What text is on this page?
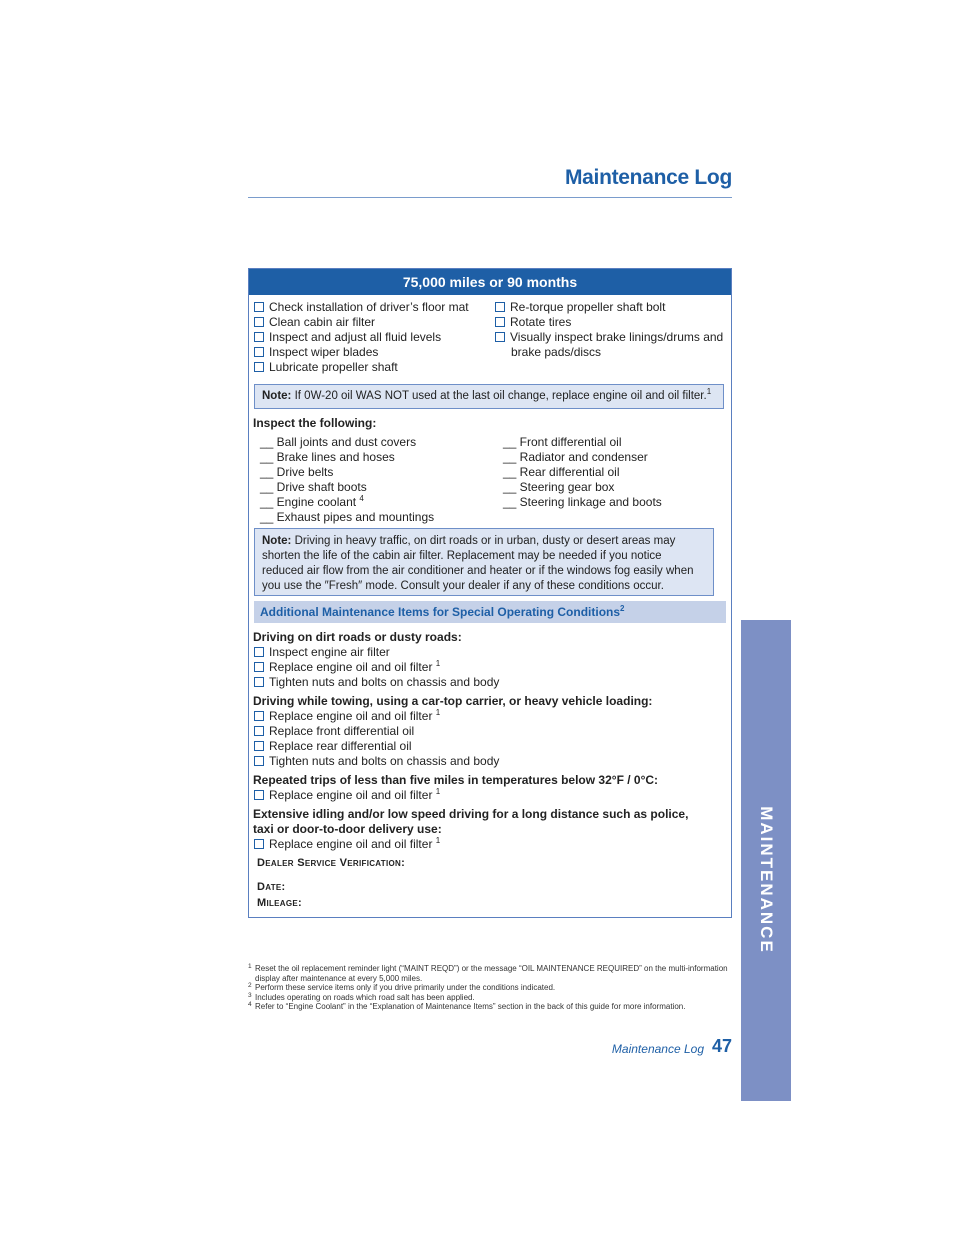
Maintenance Log
75,000 miles or 90 months
Check installation of driver’s floor mat
Clean cabin air filter
Inspect and adjust all fluid levels
Inspect wiper blades
Lubricate propeller shaft
Re-torque propeller shaft bolt
Rotate tires
Visually inspect brake linings/drums and brake pads/discs
Note: If 0W-20 oil WAS NOT used at the last oil change, replace engine oil and oil filter.$^1$
Inspect the following:
__ Ball joints and dust covers
__ Brake lines and hoses
__ Drive belts
__ Drive shaft boots
__ Engine coolant $^4$
__ Exhaust pipes and mountings
__ Front differential oil
__ Radiator and condenser
__ Rear differential oil
__ Steering gear box
__ Steering linkage and boots
Note: Driving in heavy traffic, on dirt roads or in urban, dusty or desert areas may shorten the life of the cabin air filter. Replacement may be needed if you notice reduced air flow from the air conditioner and heater or if the windows fog easily when you use the ″Fresh″ mode. Consult your dealer if any of these conditions occur.
Additional Maintenance Items for Special Operating Conditions$^2$
Driving on dirt roads or dusty roads:
Inspect engine air filter
Replace engine oil and oil filter $^1$
Tighten nuts and bolts on chassis and body
Driving while towing, using a car-top carrier, or heavy vehicle loading:
Replace engine oil and oil filter $^1$
Replace front differential oil
Replace rear differential oil
Tighten nuts and bolts on chassis and body
Repeated trips of less than five miles in temperatures below 32°F / 0°C:
Replace engine oil and oil filter $^1$
Extensive idling and/or low speed driving for a long distance such as police, taxi or door-to-door delivery use:
Replace engine oil and oil filter $^1$
Dealer Service Verification:
Date:
Mileage:
1 Reset the oil replacement reminder light (“MAINT REQD”) or the message “OIL MAINTENANCE REQUIRED” on the multi-information display after maintenance at every 5,000 miles.
2 Perform these service items only if you drive primarily under the conditions indicated.
3 Includes operating on roads which road salt has been applied.
4 Refer to “Engine Coolant” in the “Explanation of Maintenance Items” section in the back of this guide for more information.
Maintenance Log 47
MAINTENANCE
